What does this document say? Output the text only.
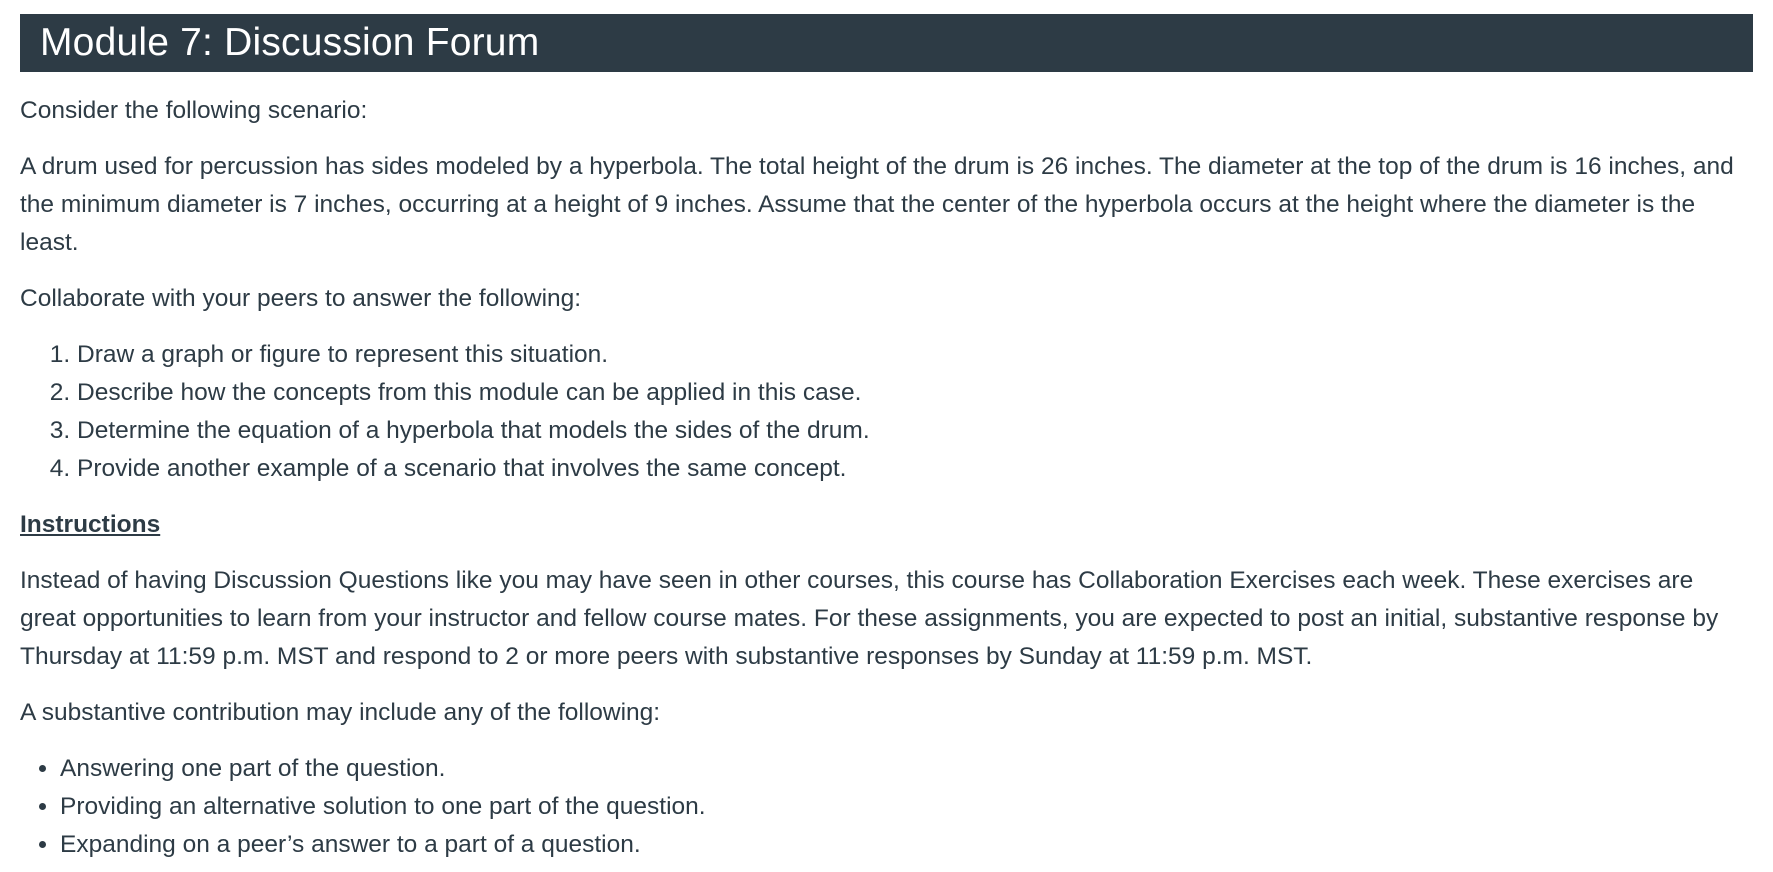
Module 7: Discussion Forum

Consider the following scenario:

A drum used for percussion has sides modeled by a hyperbola. The total height of the drum is 26 inches. The diameter at the top of the drum is 16 inches, and the minimum diameter is 7 inches, occurring at a height of 9 inches. Assume that the center of the hyperbola occurs at the height where the diameter is the least.

Collaborate with your peers to answer the following:

1. Draw a graph or figure to represent this situation.
2. Describe how the concepts from this module can be applied in this case.
3. Determine the equation of a hyperbola that models the sides of the drum.
4. Provide another example of a scenario that involves the same concept.

Instructions

Instead of having Discussion Questions like you may have seen in other courses, this course has Collaboration Exercises each week. These exercises are great opportunities to learn from your instructor and fellow course mates. For these assignments, you are expected to post an initial, substantive response by Thursday at 11:59 p.m. MST and respond to 2 or more peers with substantive responses by Sunday at 11:59 p.m. MST.

A substantive contribution may include any of the following:

• Answering one part of the question.
• Providing an alternative solution to one part of the question.
• Expanding on a peer’s answer to a part of a question.
